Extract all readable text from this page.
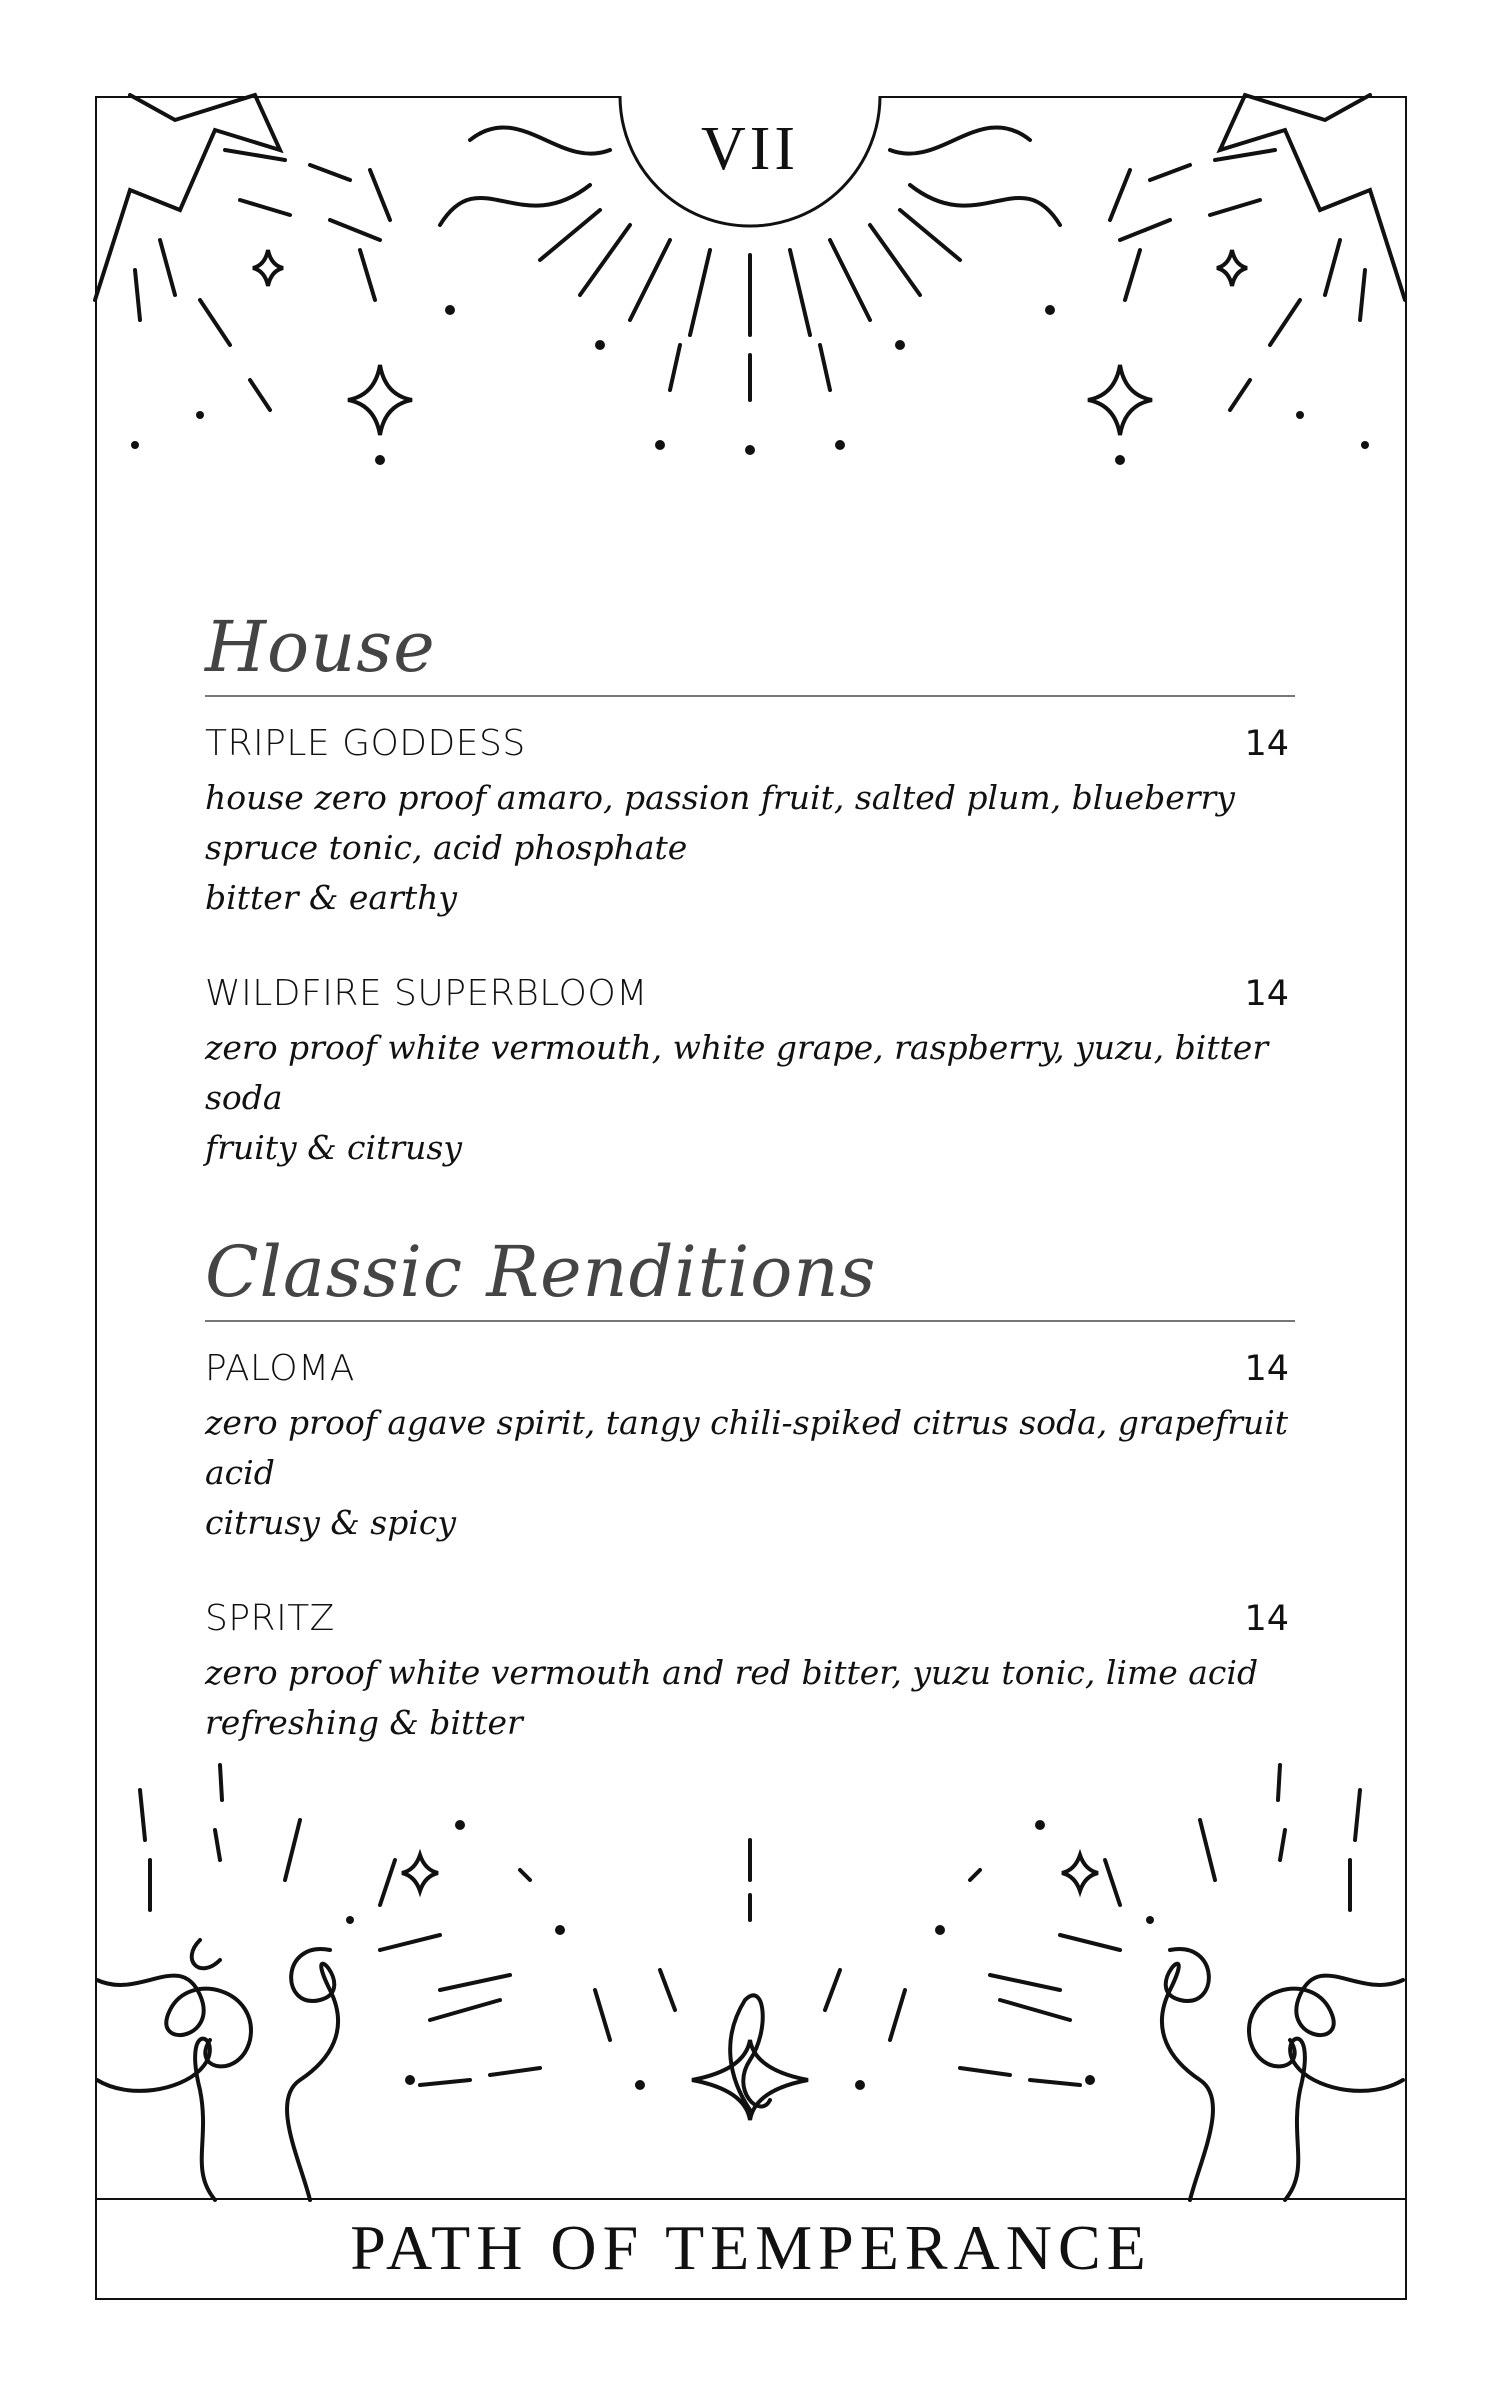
VII
House
TRIPLE GODDESS	14
house zero proof amaro, passion fruit, salted plum, blueberry spruce tonic, acid phosphate
bitter & earthy
WILDFIRE SUPERBLOOM	14
zero proof white vermouth, white grape, raspberry, yuzu, bitter soda
fruity & citrusy
Classic Renditions
PALOMA	14
zero proof agave spirit, tangy chili-spiked citrus soda, grapefruit acid
citrusy & spicy
SPRITZ	14
zero proof white vermouth and red bitter, yuzu tonic, lime acid
refreshing & bitter
PATH OF TEMPERANCE
